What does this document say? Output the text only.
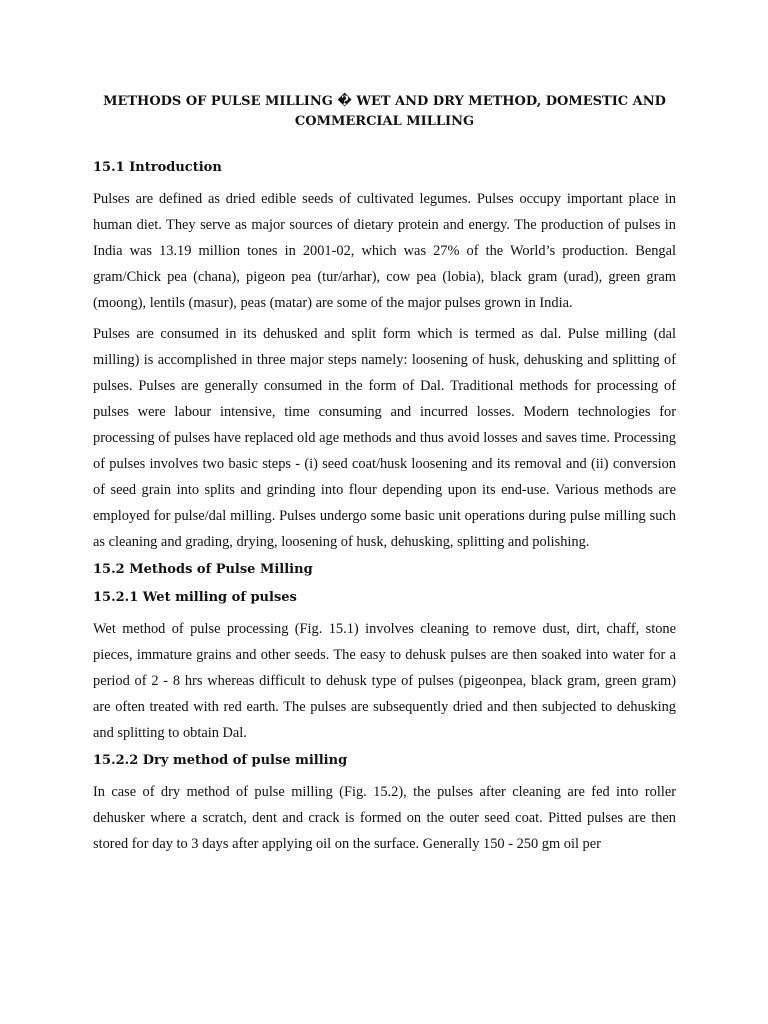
METHODS OF PULSE MILLING � WET AND DRY METHOD, DOMESTIC AND COMMERCIAL MILLING
15.1 Introduction

Pulses are defined as dried edible seeds of cultivated legumes. Pulses occupy important place in human diet. They serve as major sources of dietary protein and energy. The production of pulses in India was 13.19 million tones in 2001-02, which was 27% of the World’s production. Bengal gram/Chick pea (chana), pigeon pea (tur/arhar), cow pea (lobia), black gram (urad), green gram (moong), lentils (masur), peas (matar) are some of the major pulses grown in India.

Pulses are consumed in its dehusked and split form which is termed as dal. Pulse milling (dal milling) is accomplished in three major steps namely: loosening of husk, dehusking and splitting of pulses. Pulses are generally consumed in the form of Dal. Traditional methods for processing of pulses were labour intensive, time consuming and incurred losses. Modern technologies for processing of pulses have replaced old age methods and thus avoid losses and saves time. Processing of pulses involves two basic steps - (i) seed coat/husk loosening and its removal and (ii) conversion of seed grain into splits and grinding into flour depending upon its end-use. Various methods are employed for pulse/dal milling. Pulses undergo some basic unit operations during pulse milling such as cleaning and grading, drying, loosening of husk, dehusking, splitting and polishing.

15.2 Methods of Pulse Milling
15.2.1 Wet milling of pulses

Wet method of pulse processing (Fig. 15.1) involves cleaning to remove dust, dirt, chaff, stone pieces, immature grains and other seeds. The easy to dehusk pulses are then soaked into water for a period of 2 - 8 hrs whereas difficult to dehusk type of pulses (pigeonpea, black gram, green gram) are often treated with red earth. The pulses are subsequently dried and then subjected to dehusking and splitting to obtain Dal.

15.2.2 Dry method of pulse milling

In case of dry method of pulse milling (Fig. 15.2), the pulses after cleaning are fed into roller dehusker where a scratch, dent and crack is formed on the outer seed coat. Pitted pulses are then stored for day to 3 days after applying oil on the surface. Generally 150 - 250 gm oil per
